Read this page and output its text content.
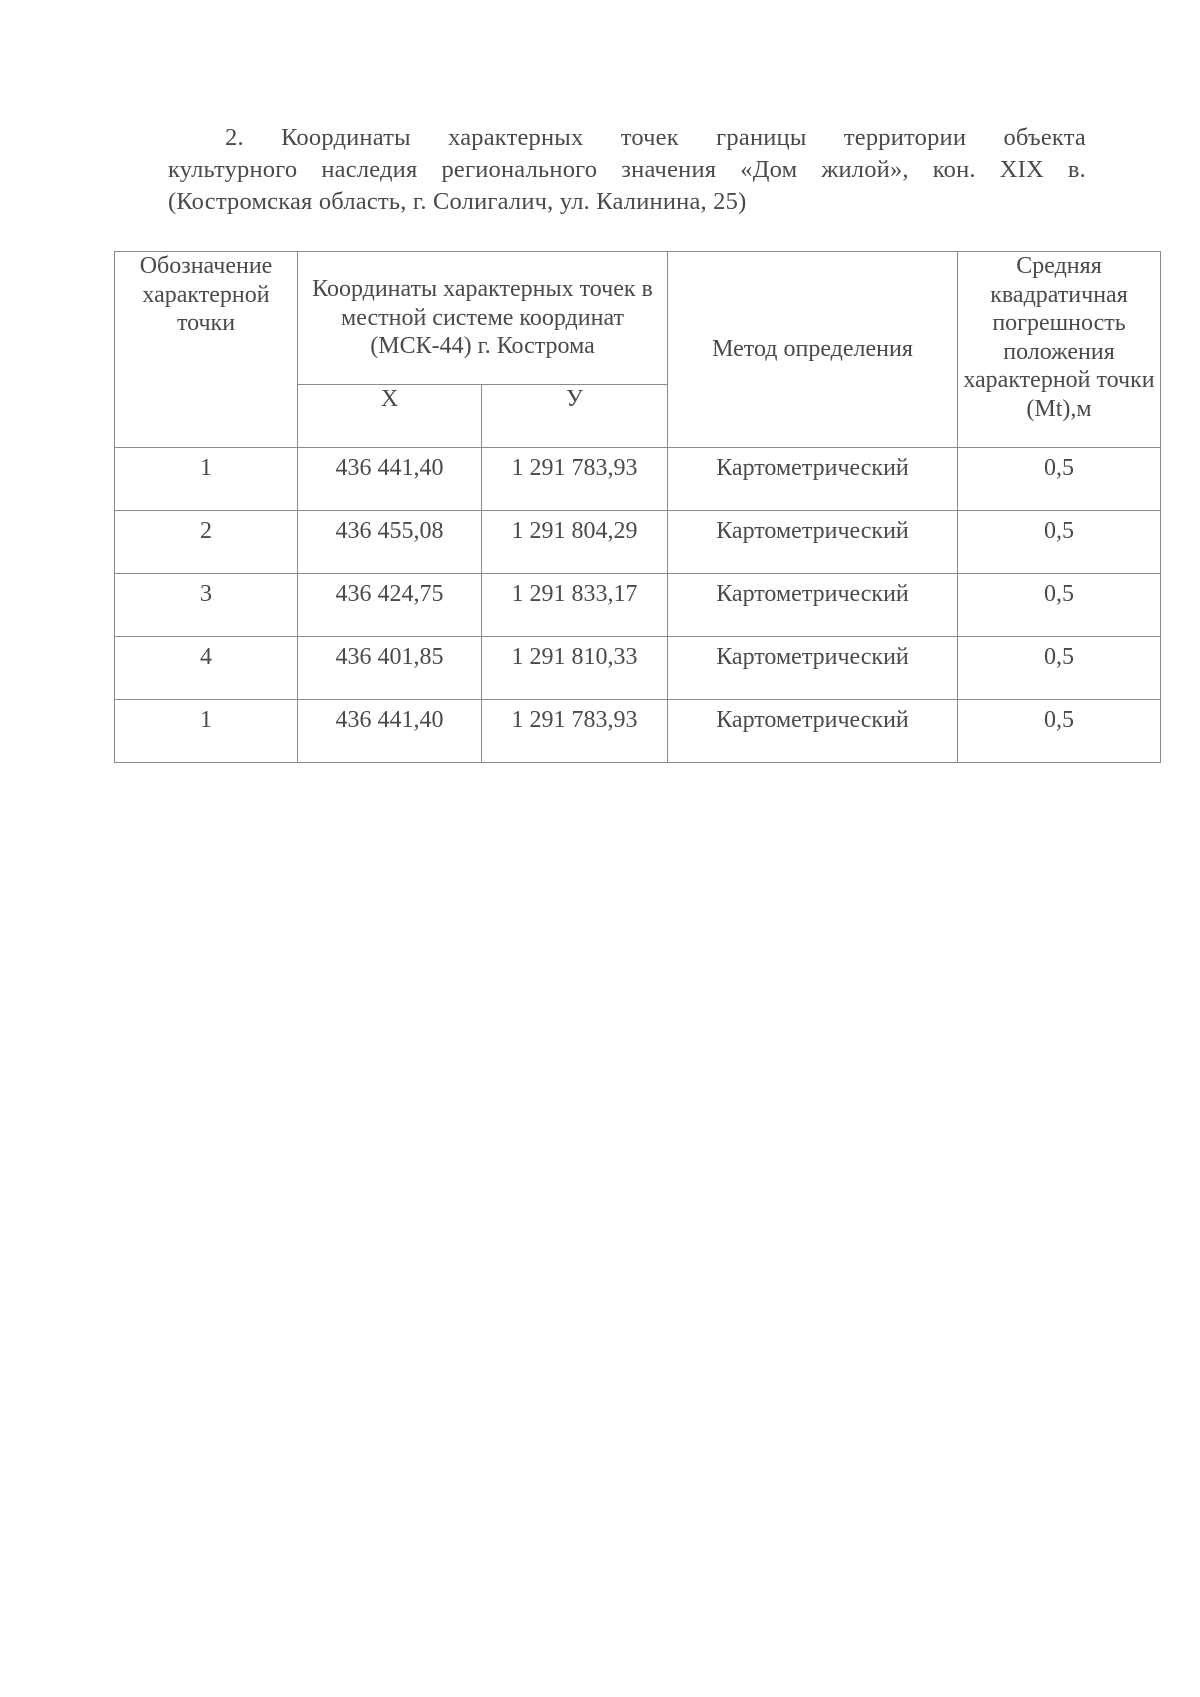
2. Координаты характерных точек границы территории объекта
культурного наследия регионального значения «Дом жилой», кон. XIX в.
(Костромская область, г. Солигалич, ул. Калинина, 25)
Обозначение характерной точки	Координаты характерных точек в местной системе координат (МСК-44) г. Кострома		Метод определения	Средняя квадратичная погрешность положения характерной точки (Mt),м
	X	У		
1	436 441,40	1 291 783,93	Картометрический	0,5
2	436 455,08	1 291 804,29	Картометрический	0,5
3	436 424,75	1 291 833,17	Картометрический	0,5
4	436 401,85	1 291 810,33	Картометрический	0,5
1	436 441,40	1 291 783,93	Картометрический	0,5
